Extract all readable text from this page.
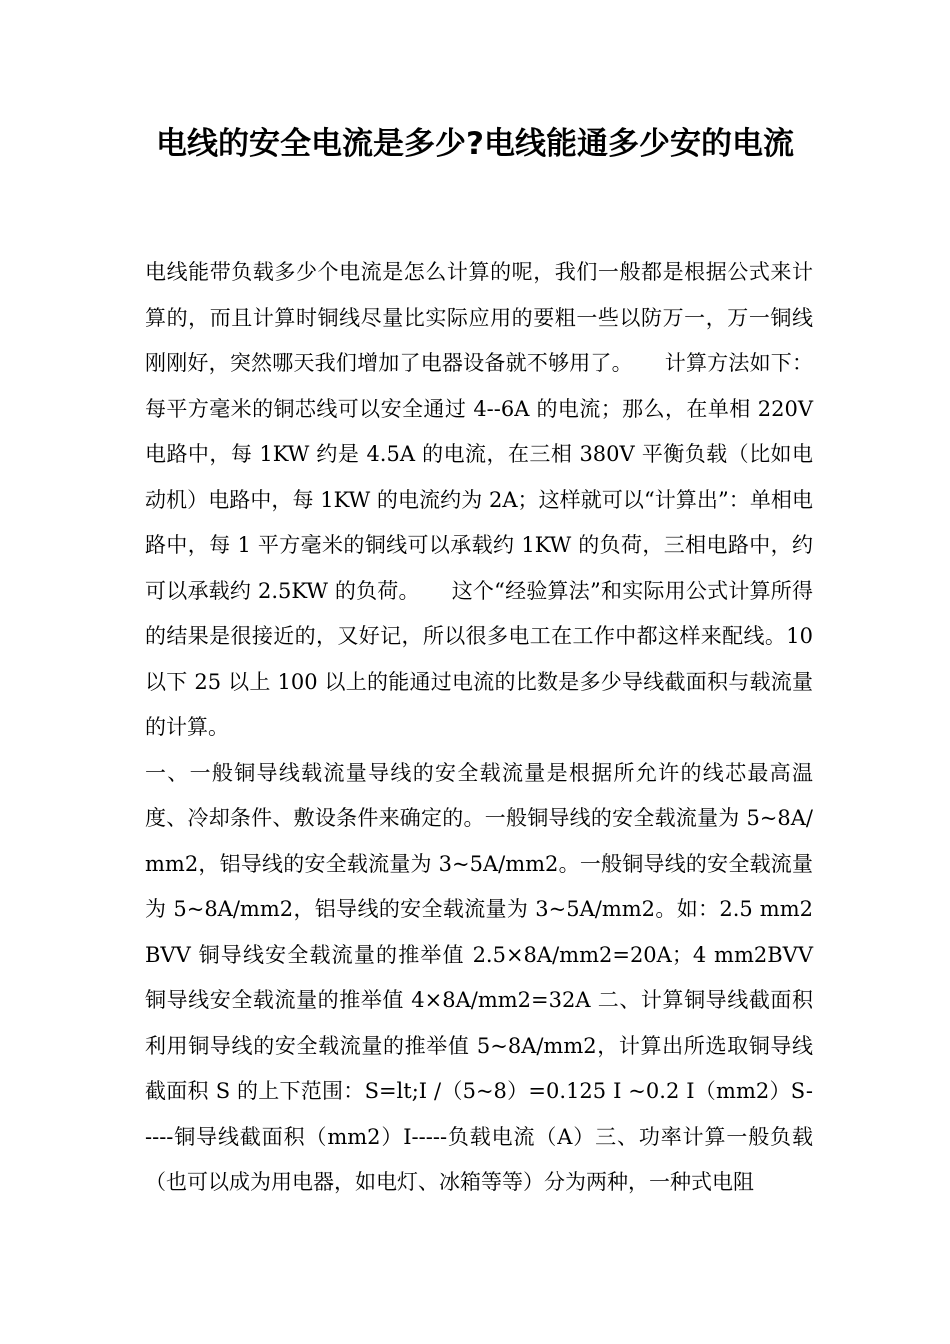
电线的安全电流是多少?电线能通多少安的电流

电线能带负载多少个电流是怎么计算的呢，我们一般都是根据公式来计算的，而且计算时铜线尽量比实际应用的要粗一些以防万一，万一铜线刚刚好，突然哪天我们增加了电器设备就不够用了。　　计算方法如下：每平方毫米的铜芯线可以安全通过 4--6A 的电流；那么，在单相 220V 电路中，每 1KW 约是 4.5A 的电流，在三相 380V 平衡负载（比如电动机）电路中，每 1KW 的电流约为 2A；这样就可以“计算出”：单相电路中，每 1 平方毫米的铜线可以承载约 1KW 的负荷，三相电路中，约可以承载约 2.5KW 的负荷。　　这个“经验算法”和实际用公式计算所得的结果是很接近的，又好记，所以很多电工在工作中都这样来配线。10 以下 25 以上 100 以上的能通过电流的比数是多少导线截面积与载流量的计算。

一、一般铜导线载流量导线的安全载流量是根据所允许的线芯最高温度、冷却条件、敷设条件来确定的。一般铜导线的安全载流量为 5~8A/mm2，铝导线的安全载流量为 3~5A/mm2。一般铜导线的安全载流量为 5~8A/mm2，铝导线的安全载流量为 3~5A/mm2。如：2.5 mm2 BVV 铜导线安全载流量的推举值 2.5×8A/mm2=20A；4 mm2BVV 铜导线安全载流量的推举值 4×8A/mm2=32A 二、计算铜导线截面积利用铜导线的安全载流量的推举值 5~8A/mm2，计算出所选取铜导线截面积 S 的上下范围：S=lt;I /（5~8）=0.125 I ~0.2 I（mm2）S-----铜导线截面积（mm2）I-----负载电流（A）三、功率计算一般负载（也可以成为用电器，如电灯、冰箱等等）分为两种，一种式电阻
